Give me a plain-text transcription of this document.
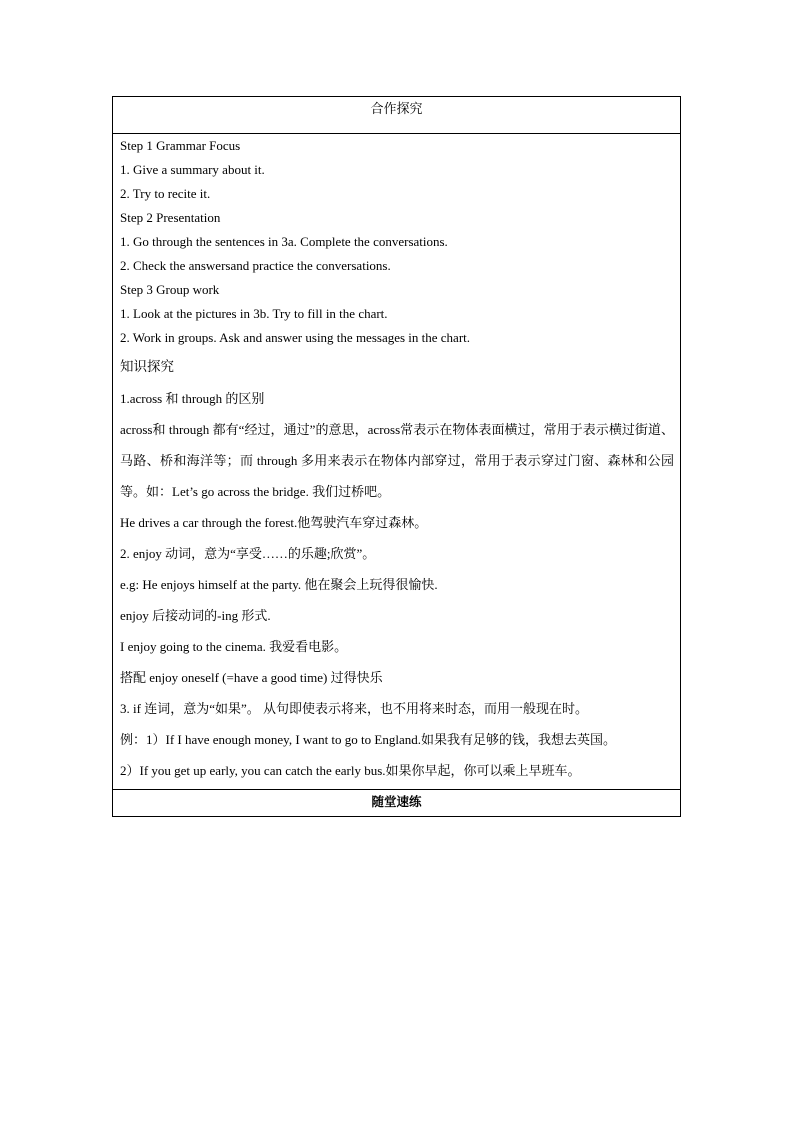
合作探究

Step 1 Grammar Focus

1. Give a summary about it.

2. Try to recite it.

Step 2 Presentation

1. Go through the sentences in 3a. Complete the conversations.

2. Check the answersand practice the conversations.

Step 3 Group work

1. Look at the pictures in 3b. Try to fill in the chart.

2. Work in groups. Ask and answer using the messages in the chart.

知识探究

1.across 和 through 的区别

across和 through 都有“经过，通过”的意思，across常表示在物体表面横过，常用于表示横过街道、马路、桥和海洋等；而 through 多用来表示在物体内部穿过，常用于表示穿过门窗、森林和公园等。如：Let’s go across the bridge. 我们过桥吧。

He drives a car through the forest.他驾驶汽车穿过森林。

2. enjoy 动词，意为“享受……的乐趣;欣赏”。

e.g: He enjoys himself at the party. 他在聚会上玩得很愉快.

enjoy 后接动词的-ing 形式.

I enjoy going to the cinema. 我爱看电影。

搭配 enjoy oneself (=have a good time) 过得快乐

3. if 连词，意为“如果”。 从句即使表示将来，也不用将来时态，而用一般现在时。

例：1）If I have enough money, I want to go to England.如果我有足够的钱，我想去英国。

2）If you get up early, you can catch the early bus.如果你早起，你可以乘上早班车。

随堂速练
